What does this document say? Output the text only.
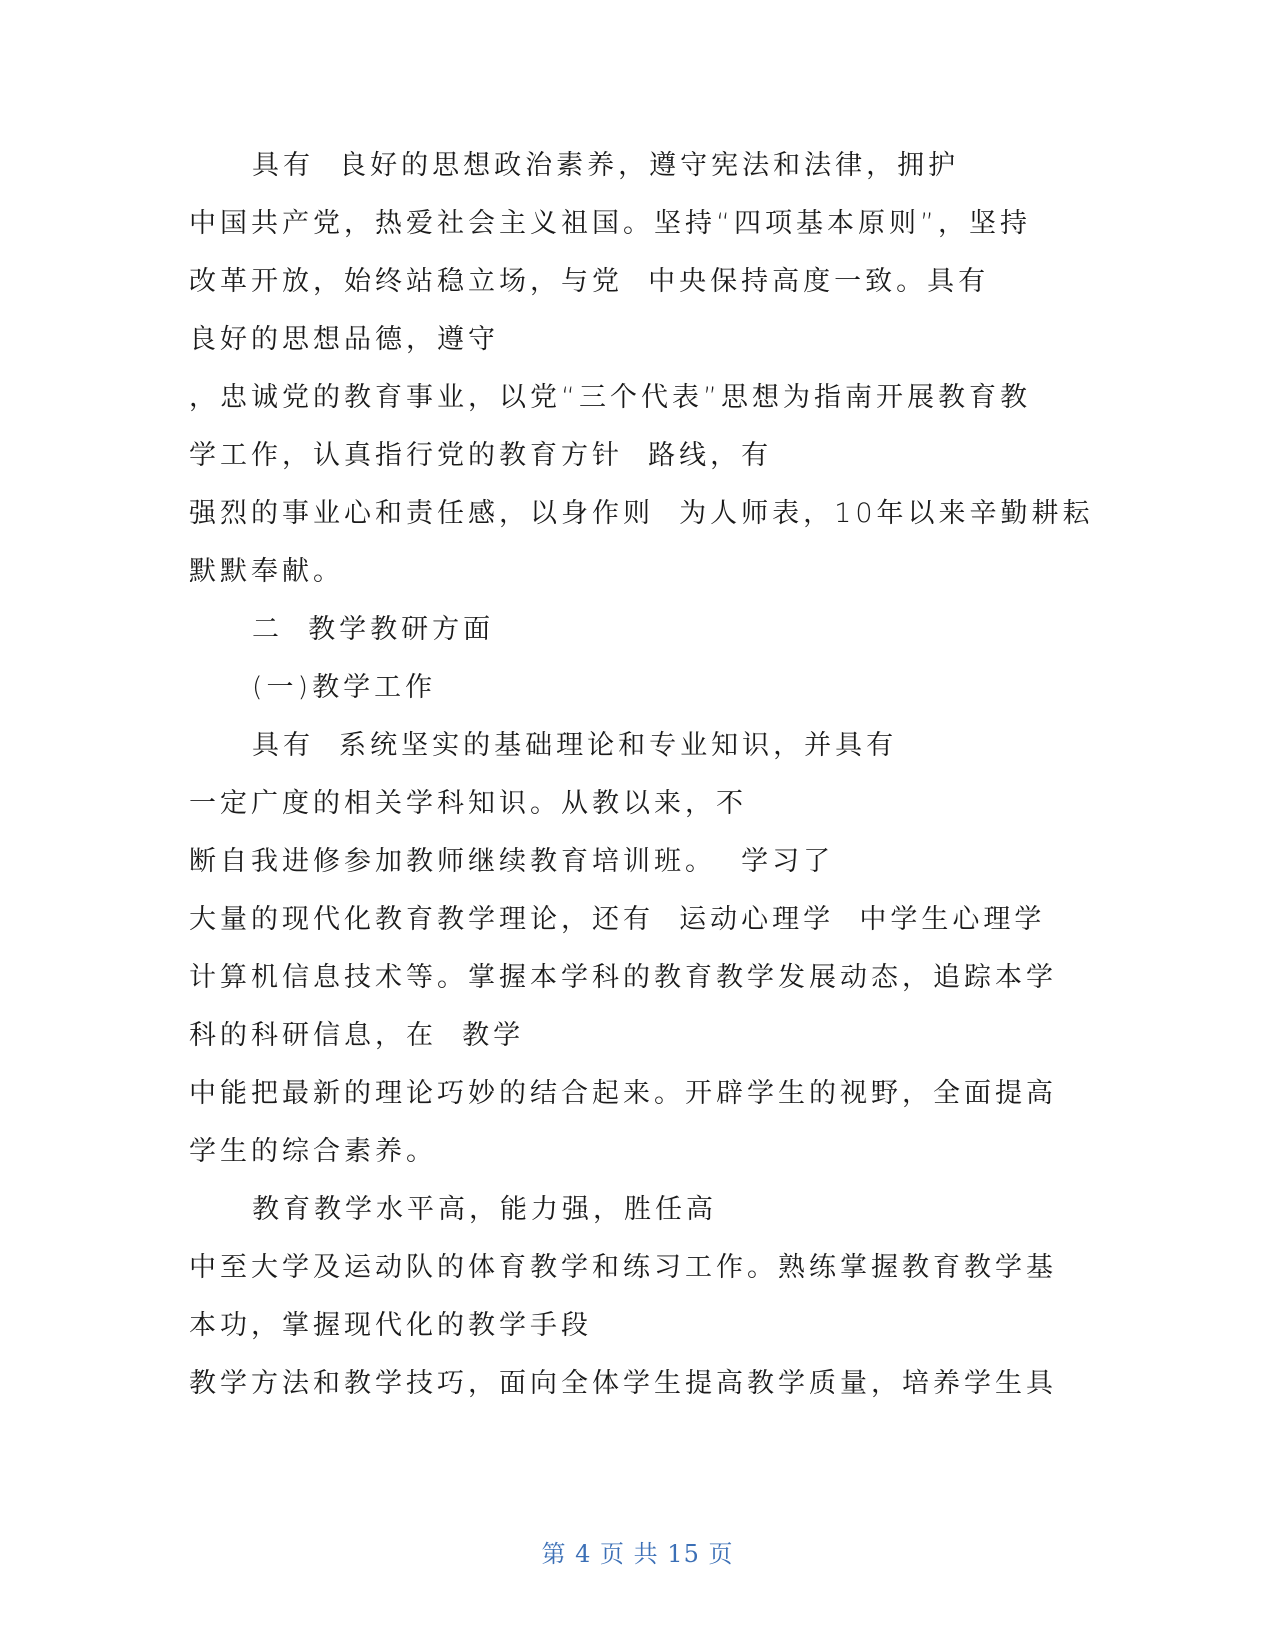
具有  良好的思想政治素养，遵守宪法和法律，拥护
中国共产党，热爱社会主义祖国。坚持“四项基本原则”，坚持
改革开放，始终站稳立场，与党  中央保持高度一致。具有
良好的思想品德，遵守
，忠诚党的教育事业，以党“三个代表”思想为指南开展教育教
学工作，认真指行党的教育方针  路线，有
强烈的事业心和责任感，以身作则  为人师表，10年以来辛勤耕耘
默默奉献。
二  教学教研方面
(一)教学工作
具有  系统坚实的基础理论和专业知识，并具有
一定广度的相关学科知识。从教以来，不
断自我进修参加教师继续教育培训班。  学习了
大量的现代化教育教学理论，还有  运动心理学  中学生心理学
计算机信息技术等。掌握本学科的教育教学发展动态，追踪本学
科的科研信息，在  教学
中能把最新的理论巧妙的结合起来。开辟学生的视野，全面提高
学生的综合素养。
教育教学水平高，能力强，胜任高
中至大学及运动队的体育教学和练习工作。熟练掌握教育教学基
本功，掌握现代化的教学手段
教学方法和教学技巧，面向全体学生提高教学质量，培养学生具
第 4 页 共 15 页
